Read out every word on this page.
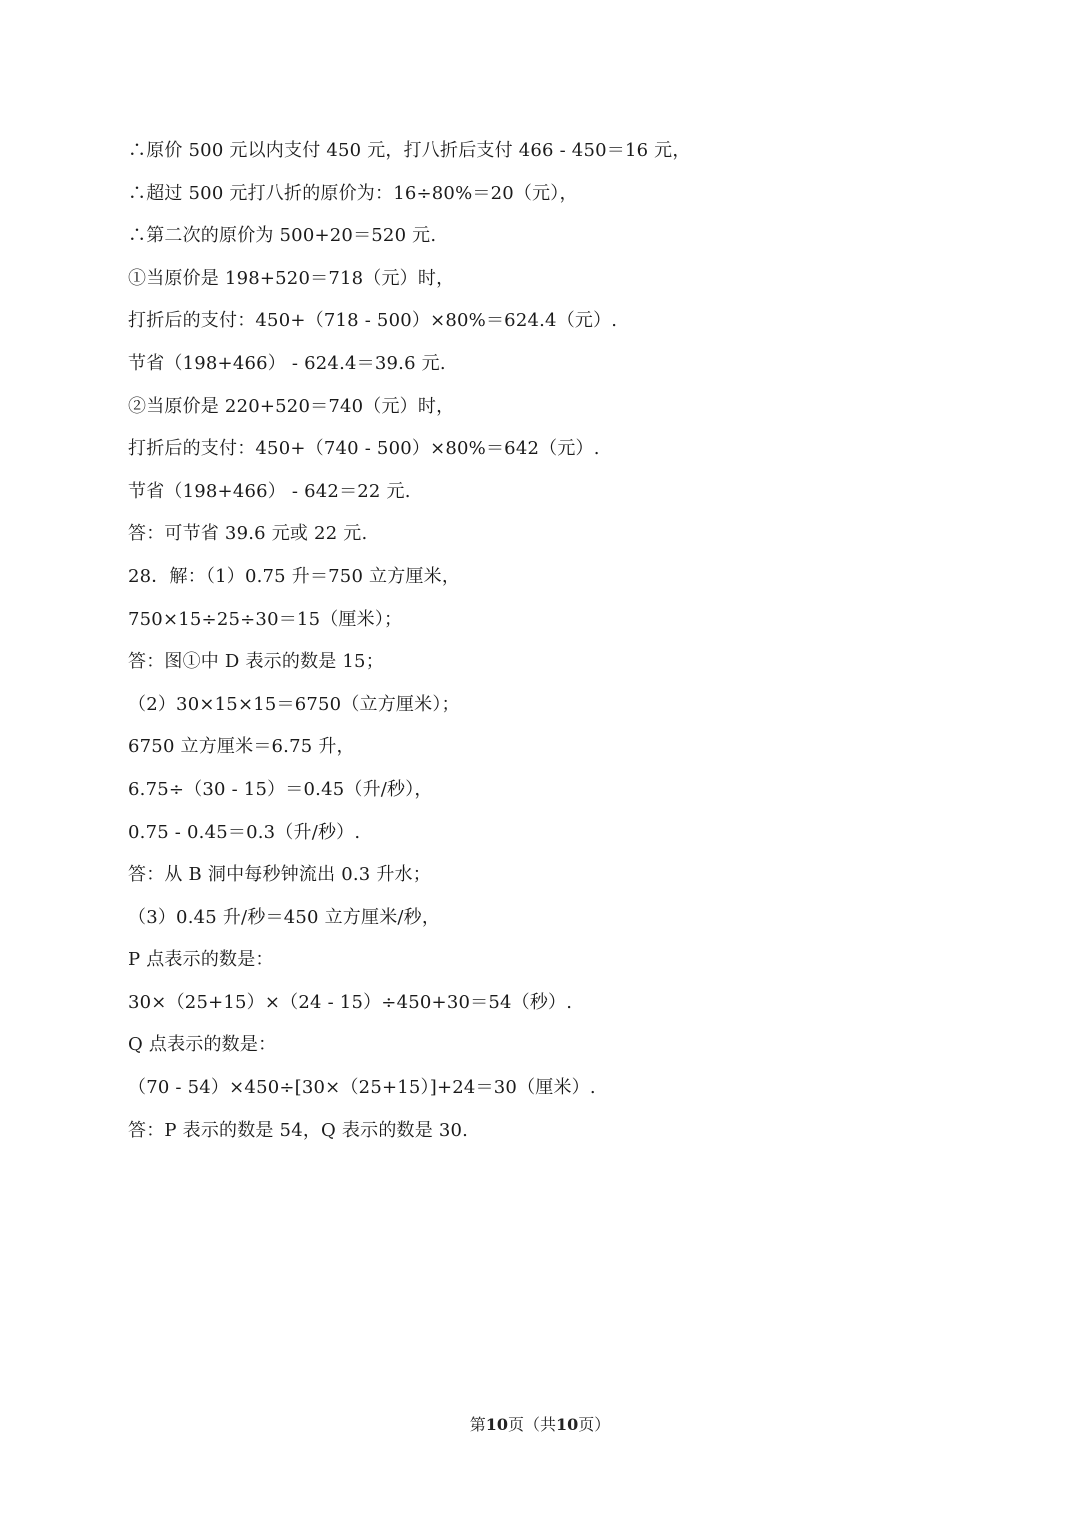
∴原价 500 元以内支付 450 元，打八折后支付 466 - 450＝16 元，
∴超过 500 元打八折的原价为：16÷80%＝20（元），
∴第二次的原价为 500+20＝520 元.
①当原价是 198+520＝718（元）时，
打折后的支付：450+（718 - 500）×80%＝624.4（元）.
节省（198+466） - 624.4＝39.6 元.
②当原价是 220+520＝740（元）时，
打折后的支付：450+（740 - 500）×80%＝642（元）.
节省（198+466） - 642＝22 元.
答：可节省 39.6 元或 22 元.
28．解：（1）0.75 升＝750 立方厘米，
750×15÷25÷30＝15（厘米）；
答：图①中 D 表示的数是 15；
（2）30×15×15＝6750（立方厘米）；
6750 立方厘米＝6.75 升，
6.75÷（30 - 15）＝0.45（升/秒），
0.75 - 0.45＝0.3（升/秒）.
答：从 B 洞中每秒钟流出 0.3 升水；
（3）0.45 升/秒＝450 立方厘米/秒，
P 点表示的数是：
30×（25+15）×（24 - 15）÷450+30＝54（秒）.
Q 点表示的数是：
（70 - 54）×450÷[30×（25+15）]+24＝30（厘米）.
答：P 表示的数是 54，Q 表示的数是 30.
第10页（共10页）
